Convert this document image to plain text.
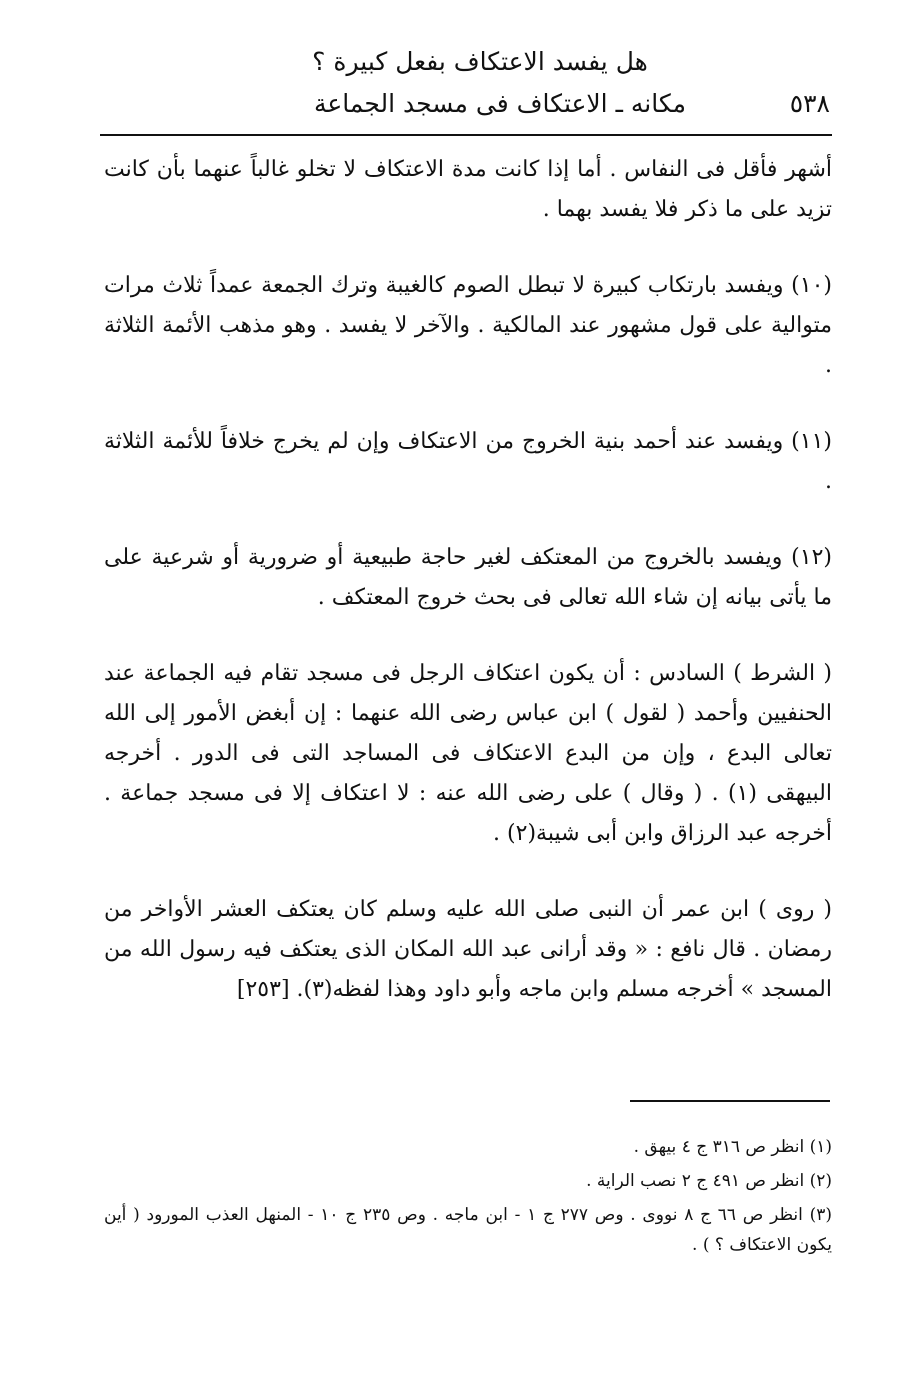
هل يفسد الاعتكاف بفعل كبيرة ؟
مكانه ـ الاعتكاف فى مسجد الجماعة	٥٣٨

أشهر فأقل فى النفاس . أما إذا كانت مدة الاعتكاف لا تخلو غالباً عنهما بأن كانت تزيد على ما ذكر فلا يفسد بهما .

(١٠) ويفسد بارتكاب كبيرة لا تبطل الصوم كالغيبة وترك الجمعة عمداً ثلاث مرات متوالية على قول مشهور عند المالكية . والآخر لا يفسد . وهو مذهب الأئمة الثلاثة .

(١١) ويفسد عند أحمد بنية الخروج من الاعتكاف وإن لم يخرج خلافاً للأئمة الثلاثة .

(١٢) ويفسد بالخروج من المعتكف لغير حاجة طبيعية أو ضرورية أو شرعية على ما يأتى بيانه إن شاء الله تعالى فى بحث خروج المعتكف .

( الشرط ) السادس : أن يكون اعتكاف الرجل فى مسجد تقام فيه الجماعة عند الحنفيين وأحمد ( لقول ) ابن عباس رضى الله عنهما : إن أبغض الأمور إلى الله تعالى البدع ، وإن من البدع الاعتكاف فى المساجد التى فى الدور . أخرجه البيهقى (١) . ( وقال ) على رضى الله عنه : لا اعتكاف إلا فى مسجد جماعة . أخرجه عبد الرزاق وابن أبى شيبة(٢) .

( روى ) ابن عمر أن النبى صلى الله عليه وسلم كان يعتكف العشر الأواخر من رمضان . قال نافع : « وقد أرانى عبد الله المكان الذى يعتكف فيه رسول الله من المسجد » أخرجه مسلم وابن ماجه وأبو داود وهذا لفظه(٣). [٢٥٣]

(١) انظر ص ٣١٦ ج ٤ بيهق .

(٢) انظر ص ٤٩١ ج ٢ نصب الراية .

(٣) انظر ص ٦٦ ج ٨ نووى . وص ٢٧٧ ج ١ - ابن ماجه . وص ٢٣٥ ج ١٠ - المنهل العذب المورود ( أين يكون الاعتكاف ؟ ) .
